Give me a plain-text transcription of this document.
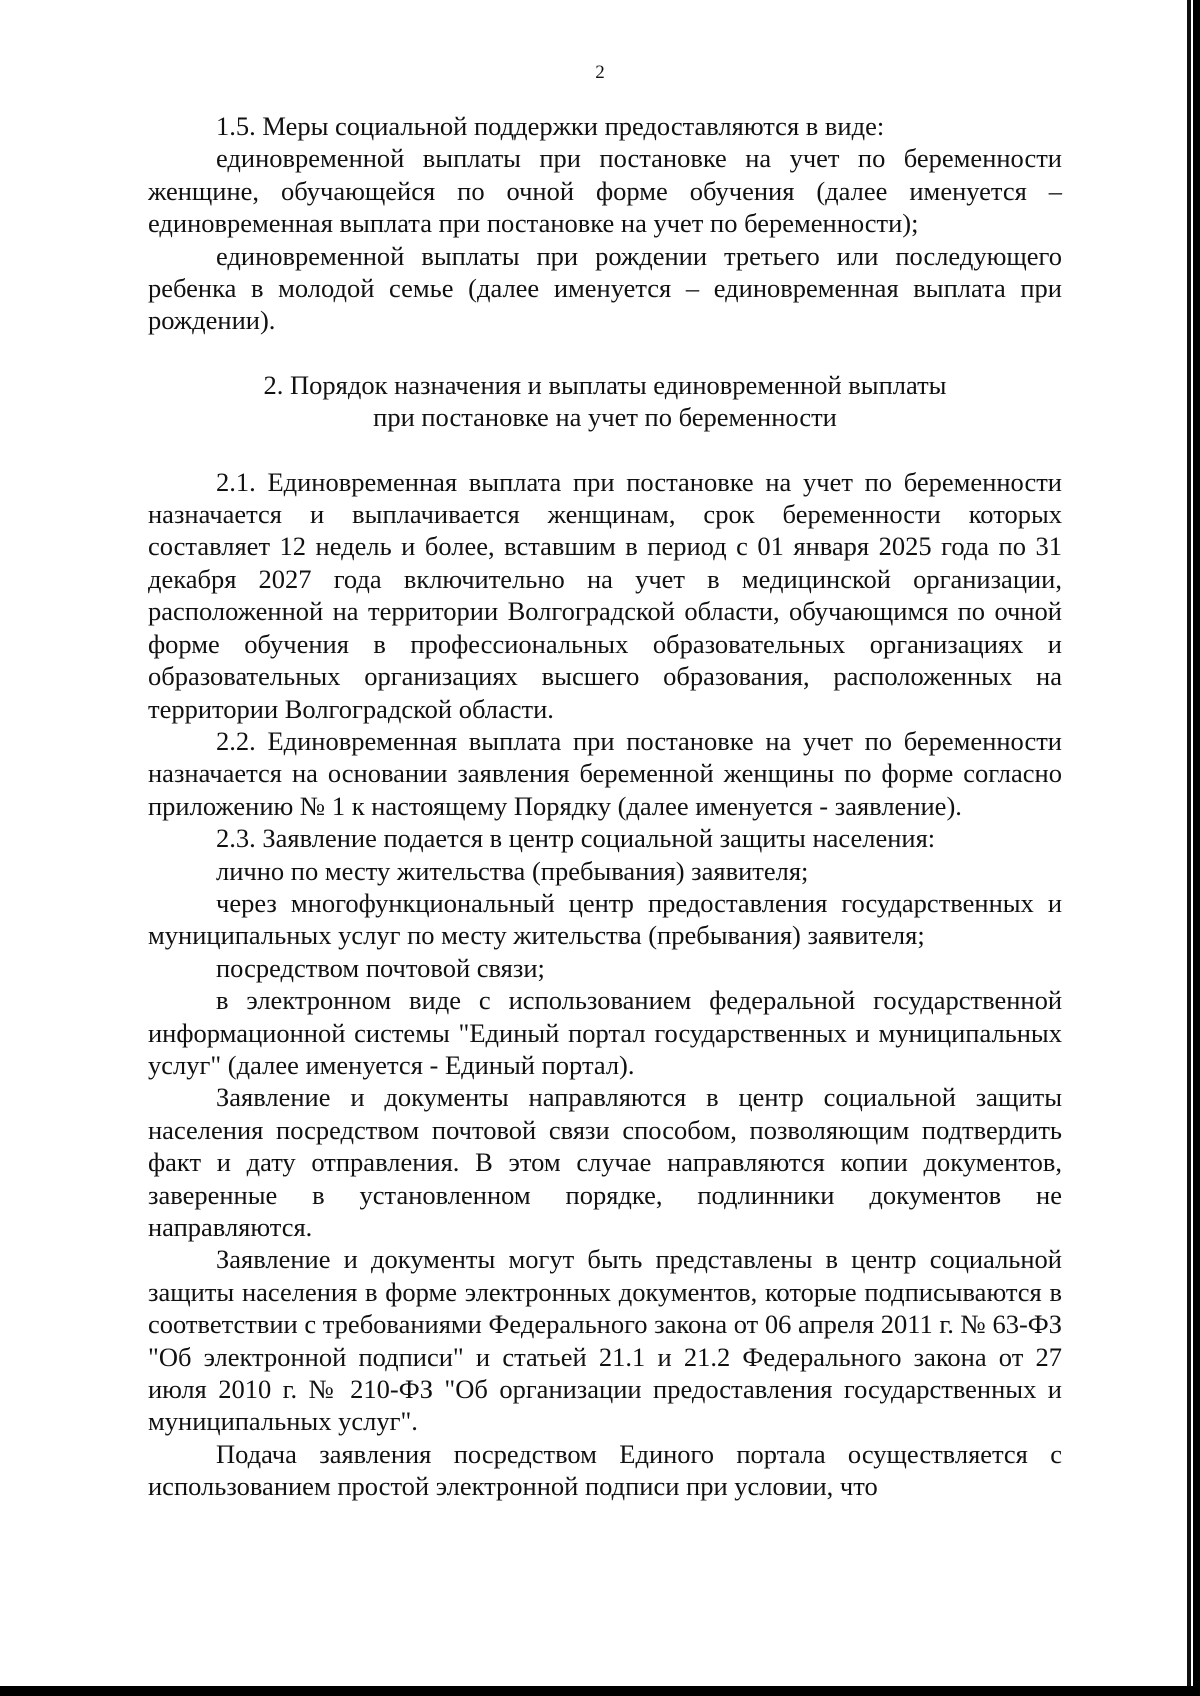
2

1.5. Меры социальной поддержки предоставляются в виде:

единовременной выплаты при постановке на учет по беременности женщине, обучающейся по очной форме обучения (далее именуется – единовременная выплата при постановке на учет по беременности);

единовременной выплаты при рождении третьего или последующего ребенка в молодой семье (далее именуется – единовременная выплата при рождении).

2. Порядок назначения и выплаты единовременной выплаты
при постановке на учет по беременности

2.1. Единовременная выплата при постановке на учет по беременности назначается и выплачивается женщинам, срок беременности которых составляет 12 недель и более, вставшим в период с 01 января 2025 года по 31 декабря 2027 года включительно на учет в медицинской организации, расположенной на территории Волгоградской области, обучающимся по очной форме обучения в профессиональных образовательных организациях и образовательных организациях высшего образования, расположенных на территории Волгоградской области.

2.2. Единовременная выплата при постановке на учет по беременности назначается на основании заявления беременной женщины по форме согласно приложению № 1 к настоящему Порядку (далее именуется - заявление).

2.3. Заявление подается в центр социальной защиты населения:

лично по месту жительства (пребывания) заявителя;

через многофункциональный центр предоставления государственных и муниципальных услуг по месту жительства (пребывания) заявителя;

посредством почтовой связи;

в электронном виде с использованием федеральной государственной информационной системы "Единый портал государственных и муниципальных услуг" (далее именуется - Единый портал).

Заявление и документы направляются в центр социальной защиты населения посредством почтовой связи способом, позволяющим подтвердить факт и дату отправления. В этом случае направляются копии документов, заверенные в установленном порядке, подлинники документов не направляются.

Заявление и документы могут быть представлены в центр социальной защиты населения в форме электронных документов, которые подписываются в соответствии с требованиями Федерального закона от 06 апреля 2011 г. № 63-ФЗ "Об электронной подписи" и статьей 21.1 и 21.2 Федерального закона от 27 июля 2010 г. № 210-ФЗ "Об организации предоставления государственных и муниципальных услуг".

Подача заявления посредством Единого портала осуществляется с использованием простой электронной подписи при условии, что
